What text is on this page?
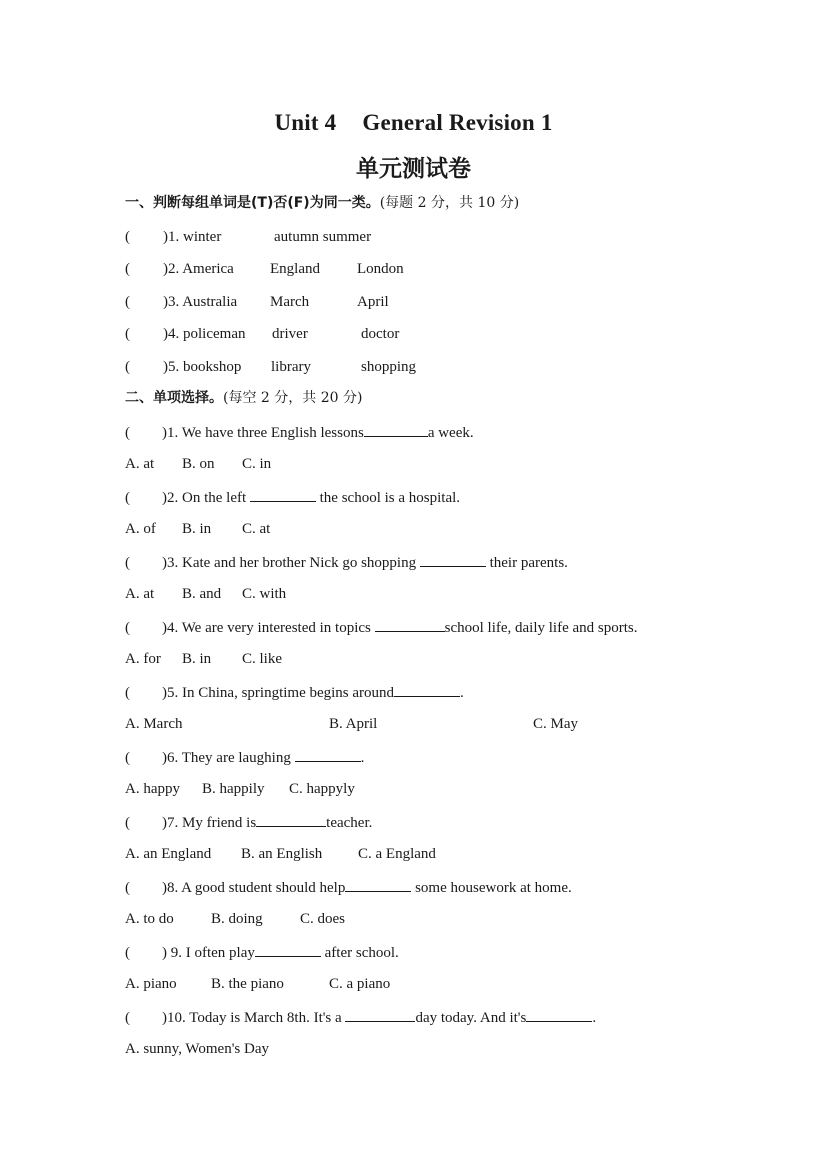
Unit 4 General Revision 1
单元测试卷
一、判断每组单词是(T)否(F)为同一类。(每题 2 分，共 10 分)
( )1. winter	autumn summer
( )2. America England London
( )3. Australia March	April
( )4. policeman driver	doctor
( )5. bookshop library	shopping
二、单项选择。(每空 2 分，共 20 分)
( )1. We have three English lessons	a week.
A. at B. on C. in
( )2. On the left	the school is a hospital.
A. of B. in C. at
( )3. Kate and her brother Nick go shopping	their parents.
A. at B. and C. with
( )4. We are very interested in topics	school life, daily life and sports.
A. for B. in C. like
( )5. In China, springtime begins around	.
A. March	B. April	C. May
( )6. They are laughing	.
A. happy B. happily C. happyly
( )7. My friend is	teacher.
A. an England B. an English C. a England
( )8. A good student should help	some housework at home.
A. to do B. doing C. does
( ) 9. I often play	after school.
A. piano B. the piano	C. a piano
( )10. Today is March 8th. It's a	day today. And it's	.
A. sunny, Women's Day
